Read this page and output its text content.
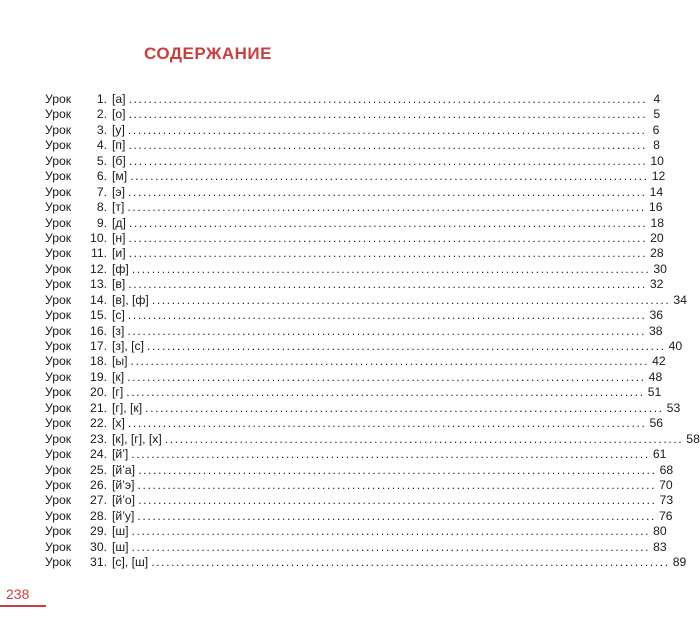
СОДЕРЖАНИЕ
Урок	1. [а] ........................................................................................................ 4
Урок	2. [о] ........................................................................................................ 5
Урок	3. [у] ........................................................................................................ 6
Урок	4. [п] ........................................................................................................ 8
Урок	5. [б] ........................................................................................................ 10
Урок	6. [м] ........................................................................................................ 12
Урок	7. [э] ........................................................................................................ 14
Урок	8. [т] ........................................................................................................ 16
Урок	9. [д] ........................................................................................................ 18
Урок	10. [н] ........................................................................................................ 20
Урок	11. [и] ........................................................................................................ 28
Урок	12. [ф] ........................................................................................................ 30
Урок	13. [в] ........................................................................................................ 32
Урок	14. [в], [ф] ........................................................................................................ 34
Урок	15. [с] ........................................................................................................ 36
Урок	16. [з] ........................................................................................................ 38
Урок	17. [з], [с] ........................................................................................................ 40
Урок	18. [ы] ........................................................................................................ 42
Урок	19. [к] ........................................................................................................ 48
Урок	20. [г] ........................................................................................................ 51
Урок	21. [г], [к] ........................................................................................................ 53
Урок	22. [х] ........................................................................................................ 56
Урок	23. [к], [г], [х] ........................................................................................................ 58
Урок	24. [й’] ........................................................................................................ 61
Урок	25. [й’а] ........................................................................................................ 68
Урок	26. [й’э] ........................................................................................................ 70
Урок	27. [й’о] ........................................................................................................ 73
Урок	28. [й’у] ........................................................................................................ 76
Урок	29. [ш] ........................................................................................................ 80
Урок	30. [ш] ........................................................................................................ 83
Урок	31. [с], [ш] ........................................................................................................ 89
238
